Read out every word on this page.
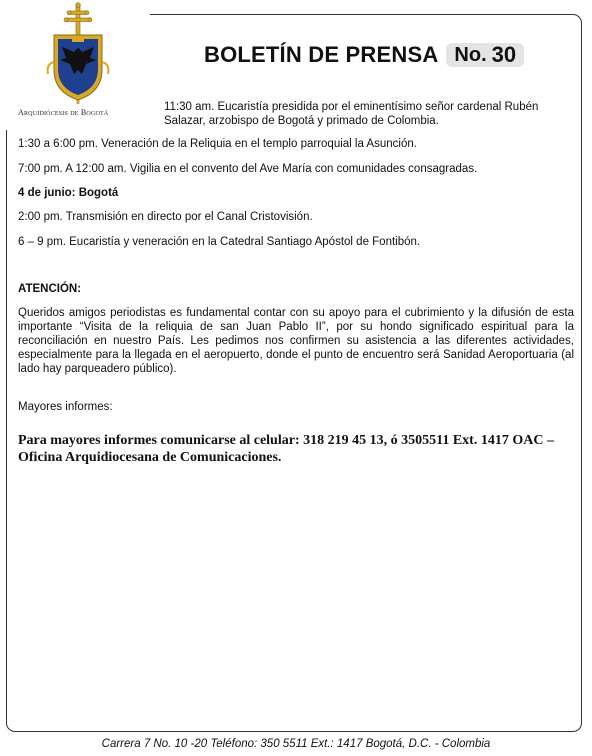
Arquidiócesis de Bogotá
BOLETÍN DE PRENSA No. 30
11:30 am. Eucaristía presidida por el eminentísimo señor cardenal Rubén Salazar, arzobispo de Bogotá y primado de Colombia.
1:30 a 6:00 pm. Veneración de la Reliquia en el templo parroquial la Asunción.
7:00 pm. A 12:00 am. Vigilia en el convento del Ave María con comunidades consagradas.
4 de junio: Bogotá
2:00 pm. Transmisión en directo por el Canal Cristovisión.
6 – 9 pm. Eucaristía y veneración en la Catedral Santiago Apóstol de Fontibón.
ATENCIÓN:
Queridos amigos periodistas es fundamental contar con su apoyo para el cubrimiento y la difusión de esta importante “Visita de la reliquia de san Juan Pablo II”, por su hondo significado espiritual para la reconciliación en nuestro País. Les pedimos nos confirmen su asistencia a las diferentes actividades, especialmente para la llegada en el aeropuerto, donde el punto de encuentro será Sanidad Aeroportuaria (al lado hay parqueadero público).
Mayores informes:
Para mayores informes comunicarse al celular: 318 219 45 13, ó 3505511 Ext. 1417 OAC – Oficina Arquidiocesana de Comunicaciones.
Carrera 7 No. 10 -20 Teléfono: 350 5511 Ext.: 1417 Bogotá, D.C. - Colombia
